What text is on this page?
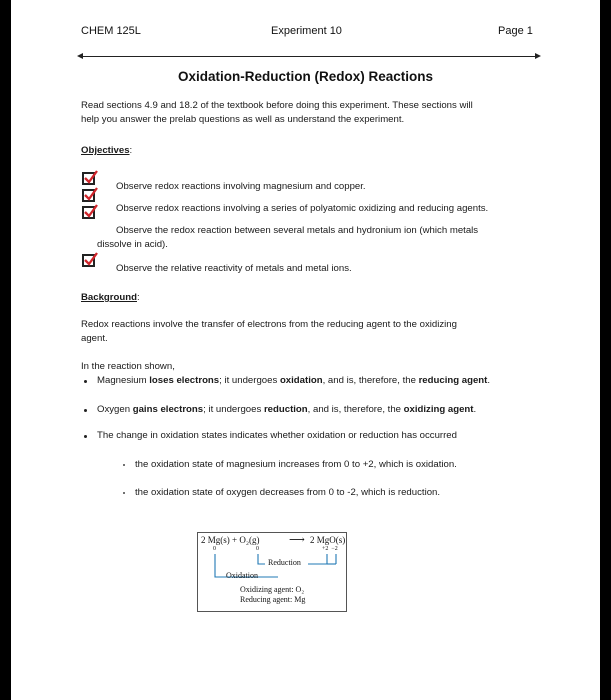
CHEM 125L	Experiment 10	Page 1
Oxidation-Reduction (Redox) Reactions
Read sections 4.9 and 18.2 of the textbook before doing this experiment. These sections will
help you answer the prelab questions as well as understand the experiment.
Objectives:
Observe redox reactions involving magnesium and copper.
Observe redox reactions involving a series of polyatomic oxidizing and reducing agents.
Observe the redox reaction between several metals and hydronium ion (which metals
dissolve in acid).
Observe the relative reactivity of metals and metal ions.
Background:
Redox reactions involve the transfer of electrons from the reducing agent to the oxidizing
agent.
In the reaction shown,
Magnesium loses electrons; it undergoes oxidation, and is, therefore, the reducing agent.
Oxygen gains electrons; it undergoes reduction, and is, therefore, the oxidizing agent.
The change in oxidation states indicates whether oxidation or reduction has occurred
the oxidation state of magnesium increases from 0 to +2, which is oxidation.
the oxidation state of oxygen decreases from 0 to -2, which is reduction.
2 Mg(s) + O₂(g)	⟶ 2 MgO(s)
0	0	+2  −2
Reduction
Oxidation
Oxidizing agent: O₂
Reducing agent: Mg
